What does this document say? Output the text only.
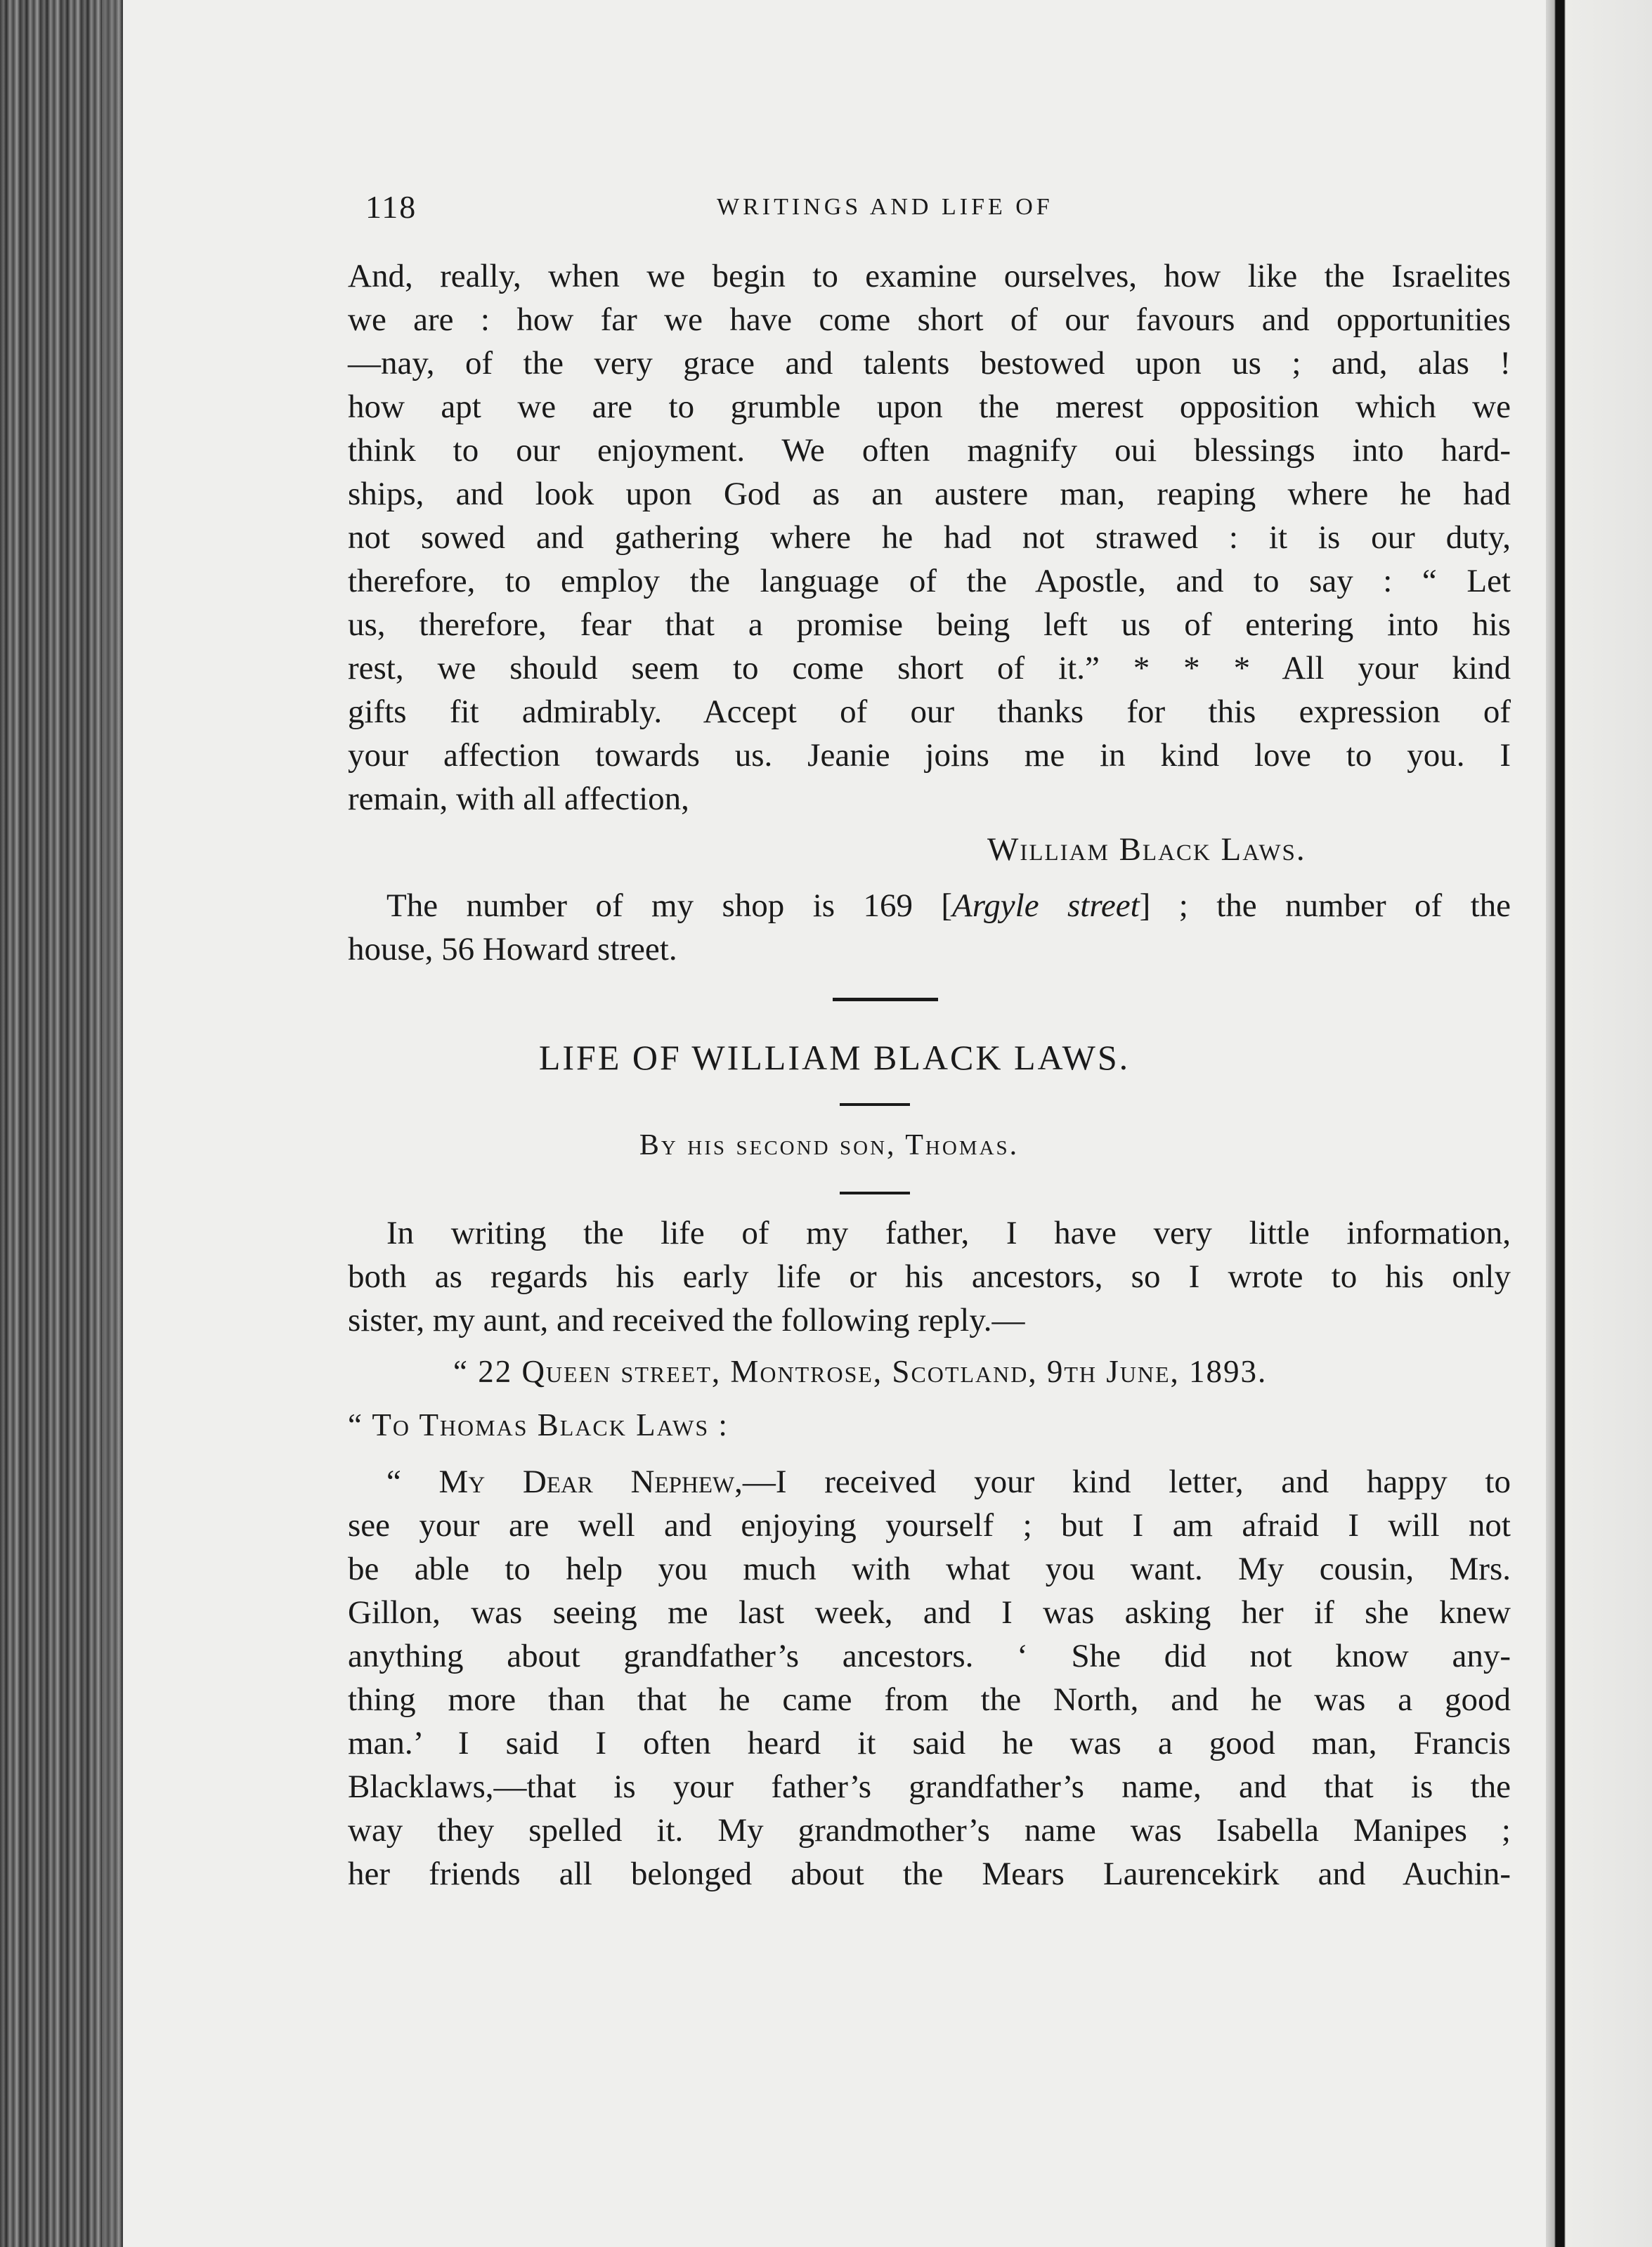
118	WRITINGS AND LIFE OF

And, really, when we begin to examine ourselves, how like the Israelites

we are : how far we have come short of our favours and opportunities

—nay, of the very grace and talents bestowed upon us ; and, alas !

how apt we are to grumble upon the merest opposition which we

think to our enjoyment. We often magnify oui blessings into hard-

ships, and look upon God as an austere man, reaping where he had

not sowed and gathering where he had not strawed : it is our duty,

therefore, to employ the language of the Apostle, and to say : “ Let

us, therefore, fear that a promise being left us of entering into his

rest, we should seem to come short of it.” * * * All your kind

gifts fit admirably. Accept of our thanks for this expression of

your affection towards us. Jeanie joins me in kind love to you. I

remain, with all affection,

William Black Laws.

The number of my shop is 169 [Argyle street] ; the number of the

house, 56 Howard street.

LIFE OF WILLIAM BLACK LAWS.
By his second son, Thomas.

In writing the life of my father, I have very little information,

both as regards his early life or his ancestors, so I wrote to his only

sister, my aunt, and received the following reply.—

“ 22 Queen street, Montrose, Scotland, 9th June, 1893.
“ To Thomas Black Laws :

“ My Dear Nephew,—I received your kind letter, and happy to

see your are well and enjoying yourself ; but I am afraid I will not

be able to help you much with what you want. My cousin, Mrs.

Gillon, was seeing me last week, and I was asking her if she knew

anything about grandfather’s ancestors. ‘ She did not know any-

thing more than that he came from the North, and he was a good

man.’ I said I often heard it said he was a good man, Francis

Blacklaws,—that is your father’s grandfather’s name, and that is the

way they spelled it. My grandmother’s name was Isabella Manipes ;

her friends all belonged about the Mears Laurencekirk and Auchin-
